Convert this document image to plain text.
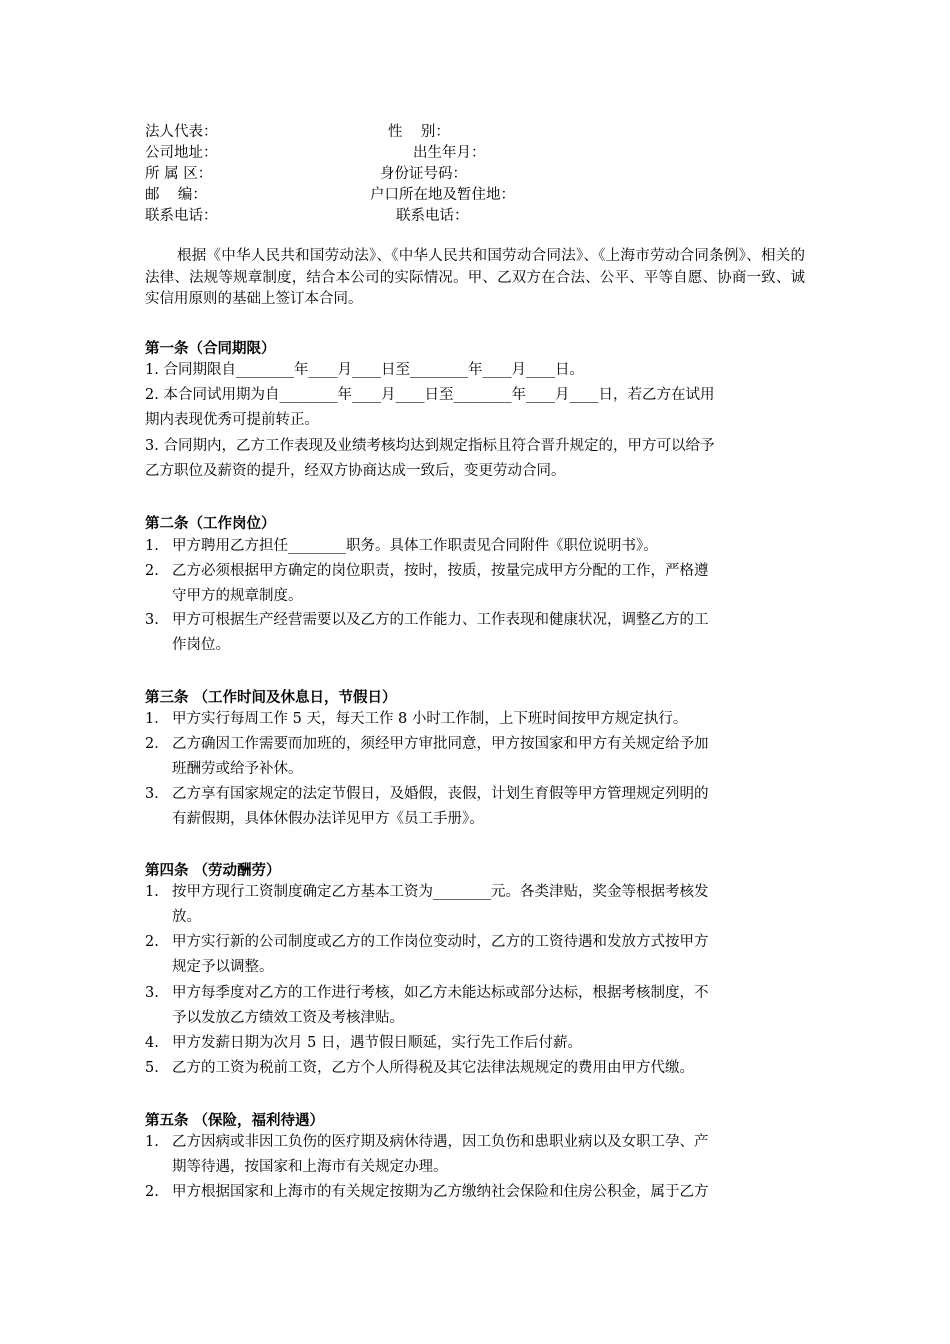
法人代表：	性    别：
公司地址：	出生年月：
所 属 区：	身份证号码：
邮    编：	户口所在地及暂住地：
联系电话：	联系电话：
根据《中华人民共和国劳动法》、《中华人民共和国劳动合同法》、《上海市劳动合同条例》、相关的法律、法规等规章制度，结合本公司的实际情况。甲、乙双方在合法、公平、平等自愿、协商一致、诚实信用原则的基础上签订本合同。
第一条（合同期限）
1. 合同期限自________年____月____日至________年____月____日。
2. 本合同试用期为自________年____月____日至________年____月____日，若乙方在试用
期内表现优秀可提前转正。
3. 合同期内，乙方工作表现及业绩考核均达到规定指标且符合晋升规定的，甲方可以给予
乙方职位及薪资的提升，经双方协商达成一致后，变更劳动合同。
第二条（工作岗位）
1. 甲方聘用乙方担任________职务。具体工作职责见合同附件《职位说明书》。
2. 乙方必须根据甲方确定的岗位职责，按时，按质，按量完成甲方分配的工作，严格遵
守甲方的规章制度。
3. 甲方可根据生产经营需要以及乙方的工作能力、工作表现和健康状况，调整乙方的工
作岗位。
第三条 （工作时间及休息日，节假日）
1． 甲方实行每周工作 5 天，每天工作 8 小时工作制，上下班时间按甲方规定执行。
2． 乙方确因工作需要而加班的，须经甲方审批同意，甲方按国家和甲方有关规定给予加
班酬劳或给予补休。
3． 乙方享有国家规定的法定节假日，及婚假，丧假，计划生育假等甲方管理规定列明的
有薪假期，具体休假办法详见甲方《员工手册》。
第四条 （劳动酬劳）
1. 按甲方现行工资制度确定乙方基本工资为________元。各类津贴，奖金等根据考核发
放。
2. 甲方实行新的公司制度或乙方的工作岗位变动时，乙方的工资待遇和发放方式按甲方
规定予以调整。
3. 甲方每季度对乙方的工作进行考核，如乙方未能达标或部分达标，根据考核制度，不
予以发放乙方绩效工资及考核津贴。
4. 甲方发薪日期为次月 5 日，遇节假日顺延，实行先工作后付薪。
5. 乙方的工资为税前工资，乙方个人所得税及其它法律法规规定的费用由甲方代缴。
第五条 （保险，福利待遇）
1. 乙方因病或非因工负伤的医疗期及病休待遇，因工负伤和患职业病以及女职工孕、产
期等待遇，按国家和上海市有关规定办理。
2. 甲方根据国家和上海市的有关规定按期为乙方缴纳社会保险和住房公积金，属于乙方
